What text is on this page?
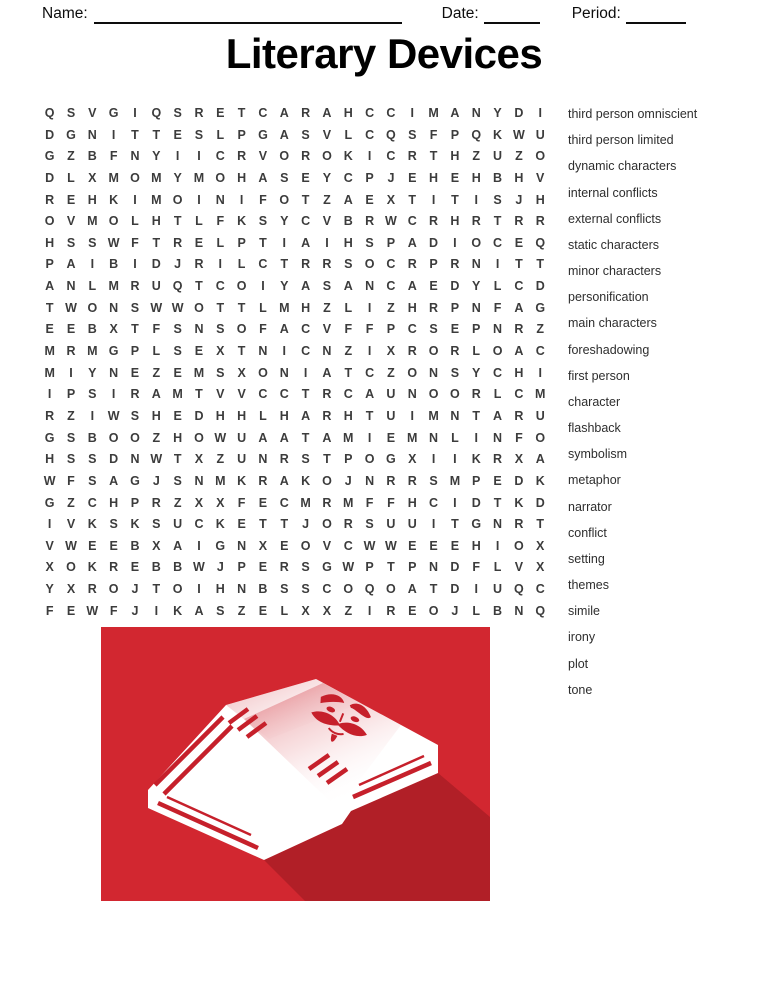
Name:	Date:	Period:
Literary Devices
Q S	V G	I	Q S	R	E	T	C A R A H C C	I	M A N	Y	D	I
D G N	I	T	T	E	S	L	P G A	S	V	L	C Q S	F	P Q K W U
G	Z	B	F	N	Y	I	I	C R	V O R O K	I	C R	T	H	Z	U	Z	O
D	L	X M O M Y M O H A	S	E	Y	C	P	J	E	H	E	H B H	V
R	E	H K	I	M O	I	N	I	F	O	T	Z	A	E	X	T	I	T	I	S	J	H
O V M O	L	H	T	L	F	K	S	Y	C	V	B R W C R H R	T	R R
H	S	S W F	T	R	E	L	P	T	I	A	I	H	S	P	A D	I	O C	E Q
P	A	I	B	I	D	J	R	I	L	C	T	R R	S O C R	P	R N	I	T	T
A N	L M R U Q	T	C O	I	Y	A	S	A N C A	E	D	Y	L	C D
T W O N	S W W O	T	T	L M H	Z	L	I	Z	H R	P	N	F	A G
E	E	B	X	T	F	S	N	S O	F	A C	V	F	F	P	C	S	E	P	N R	Z
M R M G P	L	S	E	X	T	N	I	C N	Z	I	X	R O R	L	O A C
M	I	Y	N	E	Z	E M S	X O N	I	A	T	C	Z	O N	S	Y	C H	I
I	P	S	I	R A M T	V	V	C C	T	R C A U N O O R	L	C M
R	Z	I	W S	H	E	D H H	L	H A R H	T	U	I	M N	T	A R U
G S	B O O	Z	H O W U A A	T	A M	I	E M N	L	I	N	F	O
H	S	S	D N W T	X	Z	U N R	S	T	P O G X	I	I	K R	X	A
W F	S	A G	J	S	N M K R A K O	J	N R R	S M P	E	D K
G	Z	C H	P	R	Z	X	X	F	E	C M R M F	F	H C	I	D	T	K D
I	V	K	S	K	S	U C K	E	T	T	J	O R	S	U U	I	T	G N R	T
V W E	E	B	X	A	I	G N	X	E O V	C W W E	E	E	H	I	O X
X O K R	E	B B W J	P	E	R	S G W P	T	P	N D	F	L	V	X
Y	X	R O	J	T	O	I	H N B	S	S	C O Q O A	T	D	I	U Q C
F	E W F	J	I	K A	S	Z	E	L	X	X	Z	I	R	E O	J	L	B N Q
third person omniscient
third person limited
dynamic characters
internal conflicts
external conflicts
static characters
minor characters
personification
main characters
foreshadowing
first person
character
flashback
symbolism
metaphor
narrator
conflict
setting
themes
simile
irony
plot
tone
